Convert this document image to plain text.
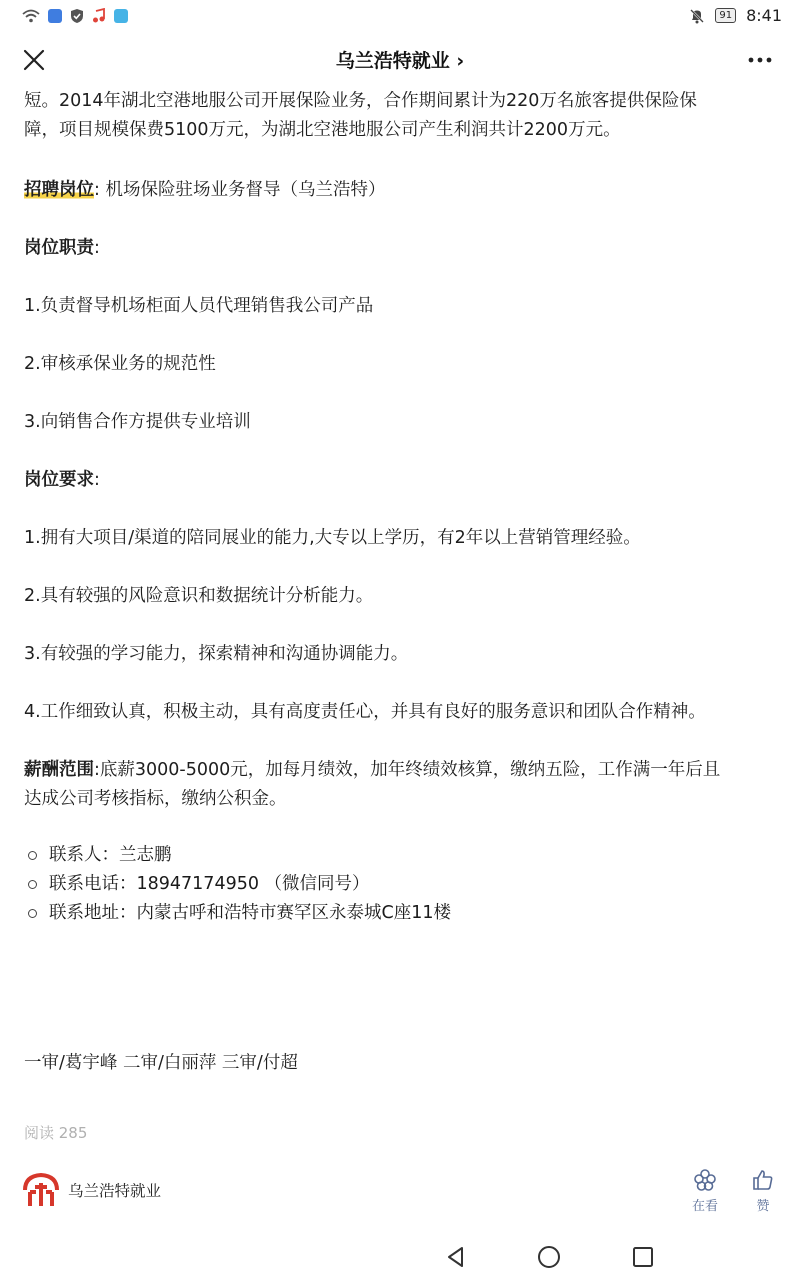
91 8:41
乌兰浩特就业 ›

短。2014年湖北空港地服公司开展保险业务，合作期间累计为220万名旅客提供保险保

障，项目规模保费5100万元，为湖北空港地服公司产生利润共计2200万元。

招聘岗位: 机场保险驻场业务督导（乌兰浩特）

岗位职责:

1.负责督导机场柜面人员代理销售我公司产品

2.审核承保业务的规范性

3.向销售合作方提供专业培训

岗位要求:

1.拥有大项目/渠道的陪同展业的能力,大专以上学历，有2年以上营销管理经验。

2.具有较强的风险意识和数据统计分析能力。

3.有较强的学习能力，探索精神和沟通协调能力。

4.工作细致认真，积极主动，具有高度责任心，并具有良好的服务意识和团队合作精神。

薪酬范围:底薪3000-5000元，加每月绩效，加年终绩效核算，缴纳五险，工作满一年后且

达成公司考核指标，缴纳公积金。

联系人：兰志鹏
联系电话：18947174950 （微信同号）
联系地址：内蒙古呼和浩特市赛罕区永泰城C座11楼

一审/葛宇峰 二审/白丽萍 三审/付超

阅读 285
乌兰浩特就业
在看	赞
